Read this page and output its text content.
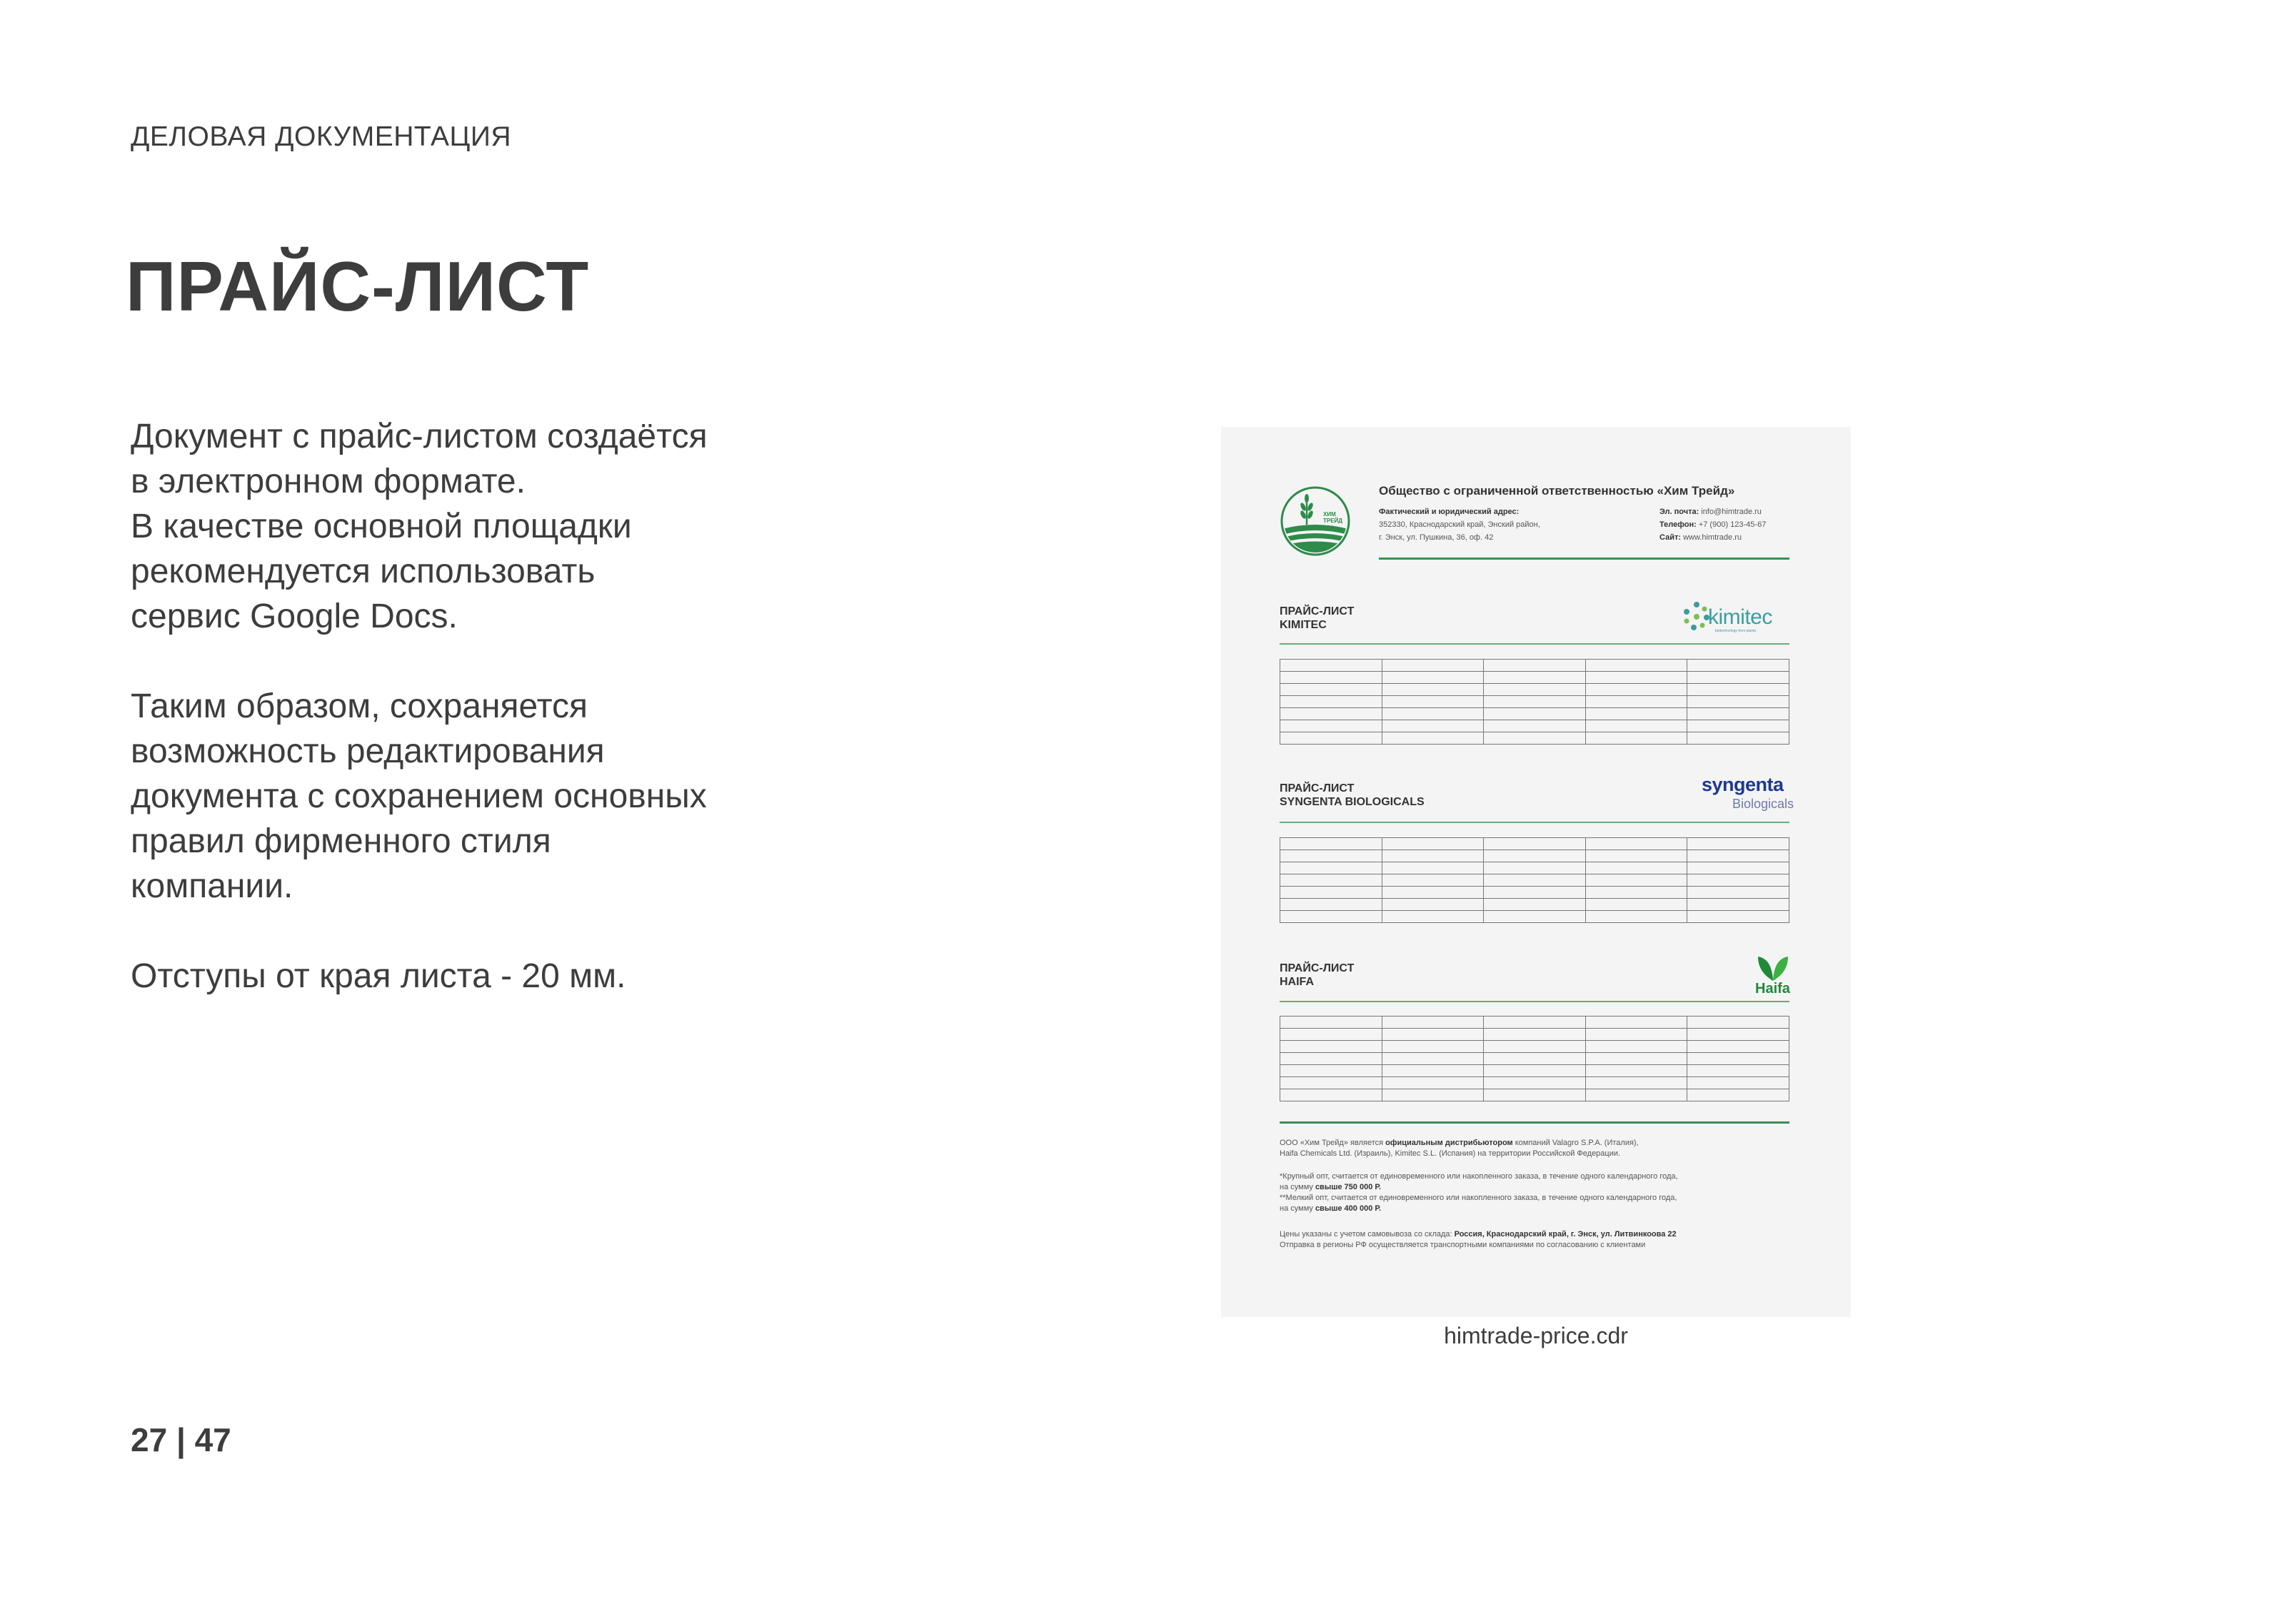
ДЕЛОВАЯ ДОКУМЕНТАЦИЯ
ПРАЙС-ЛИСТ

Документ с прайс-листом создаётся
в электронном формате.
В качестве основной площадки
рекомендуется использовать
сервис Google Docs.

Таким образом, сохраняется
возможность редактирования
документа с сохранением основных
правил фирменного стиля
компании.

Отступы от края листа - 20 мм.

ХИМ ТРЕЙД
Общество с ограниченной ответственностью «Хим Трейд»
Фактический и юридический адрес:
352330, Краснодарский край, Энский район,
г. Энск, ул. Пушкина, 36, оф. 42
Эл. почта: info@himtrade.ru
Телефон: +7 (900) 123-45-67
Сайт: www.himtrade.ru
ПРАЙС-ЛИСТ
KIMITEC	kimitec
biotechnology from plants

ПРАЙС-ЛИСТ
SYNGENTA BIOLOGICALS
syngenta
Biologicals

ПРАЙС-ЛИСТ
HAIFA	Haifa

ООО «Хим Трейд» является официальным дистрибьютором компаний Valagro S.P.A. (Италия),
Haifa Chemicals Ltd. (Израиль), Kimitec S.L. (Испания) на территории Российской Федерации.
*Крупный опт, считается от единовременного или накопленного заказа, в течение одного календарного года,
на сумму свыше 750 000 Р.
**Мелкий опт, считается от единовременного или накопленного заказа, в течение одного календарного года,
на сумму свыше 400 000 Р.
Цены указаны с учетом самовывоза со склада: Россия, Краснодарский край, г. Энск, ул. Литвинкоова 22
Отправка в регионы РФ осуществляется транспортными компаниями по согласованию с клиентами
himtrade-price.cdr
27 | 47
